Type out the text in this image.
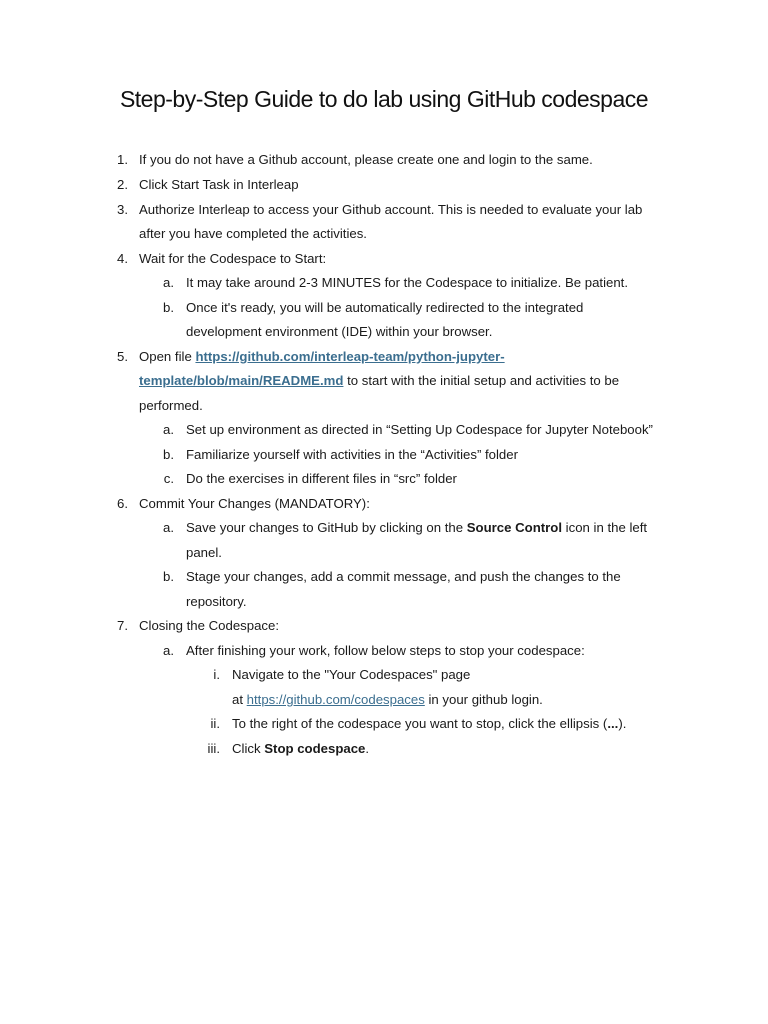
Step-by-Step Guide to do lab using GitHub codespace
1. If you do not have a Github account, please create one and login to the same.
2. Click Start Task in Interleap
3. Authorize Interleap to access your Github account. This is needed to evaluate your lab
after you have completed the activities.
4. Wait for the Codespace to Start:
a. It may take around 2-3 MINUTES for the Codespace to initialize. Be patient.
b. Once it's ready, you will be automatically redirected to the integrated
development environment (IDE) within your browser.
5. Open file https://github.com/interleap-team/python-jupyter-
template/blob/main/README.md to start with the initial setup and activities to be
performed.
a. Set up environment as directed in “Setting Up Codespace for Jupyter Notebook”
b. Familiarize yourself with activities in the “Activities” folder
c. Do the exercises in different files in “src” folder
6. Commit Your Changes (MANDATORY):
a. Save your changes to GitHub by clicking on the Source Control icon in the left
panel.
b. Stage your changes, add a commit message, and push the changes to the
repository.
7. Closing the Codespace:
a. After finishing your work, follow below steps to stop your codespace:
i. Navigate to the "Your Codespaces" page
at https://github.com/codespaces in your github login.
ii. To the right of the codespace you want to stop, click the ellipsis (...).
iii. Click Stop codespace.
